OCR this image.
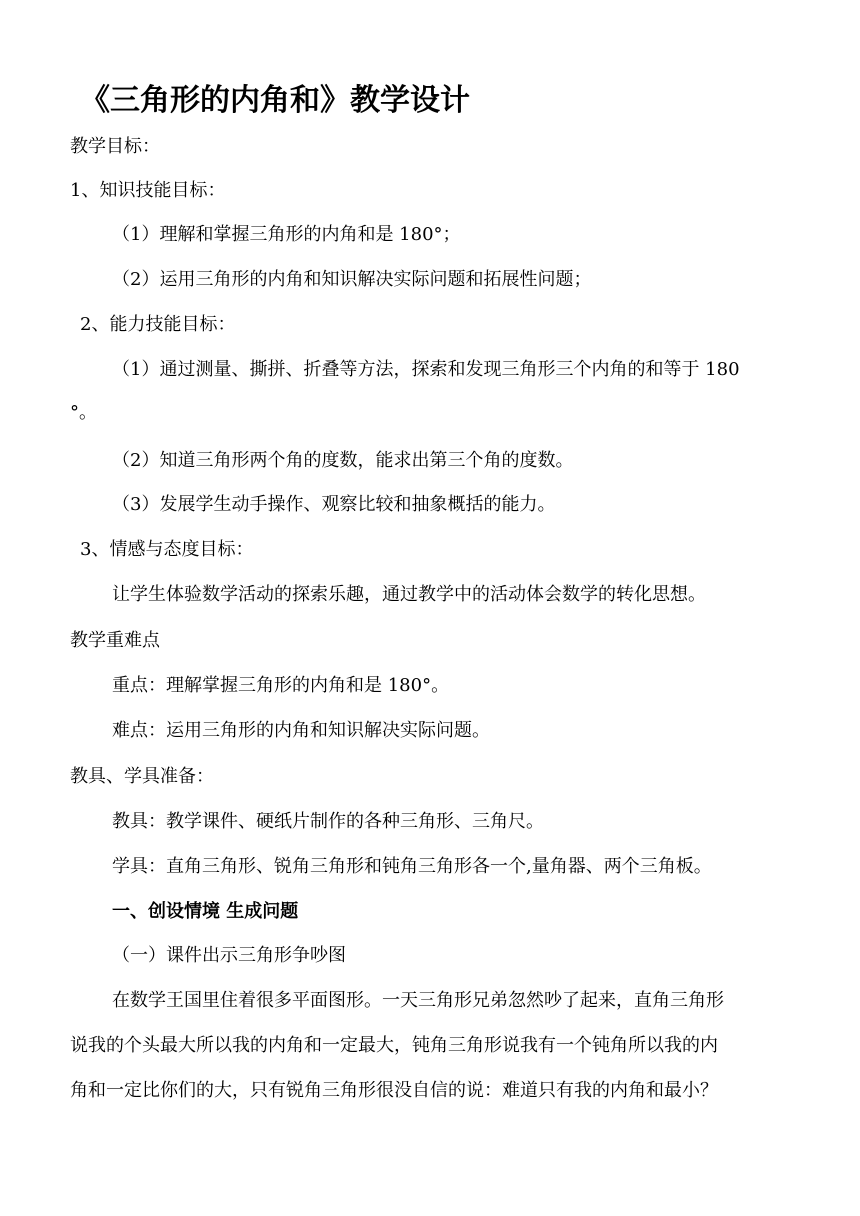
《三角形的内角和》教学设计

教学目标：

1、知识技能目标：

（1）理解和掌握三角形的内角和是 180°；

（2）运用三角形的内角和知识解决实际问题和拓展性问题；

2、能力技能目标：

（1）通过测量、撕拼、折叠等方法，探索和发现三角形三个内角的和等于 180

°。

（2）知道三角形两个角的度数，能求出第三个角的度数。

（3）发展学生动手操作、观察比较和抽象概括的能力。

3、情感与态度目标：

让学生体验数学活动的探索乐趣，通过教学中的活动体会数学的转化思想。

教学重难点

重点：理解掌握三角形的内角和是 180°。

难点：运用三角形的内角和知识解决实际问题。

教具、学具准备：

教具：教学课件、硬纸片制作的各种三角形、三角尺。

学具：直角三角形、锐角三角形和钝角三角形各一个,量角器、两个三角板。

一、创设情境 生成问题

（一）课件出示三角形争吵图

在数学王国里住着很多平面图形。一天三角形兄弟忽然吵了起来，直角三角形

说我的个头最大所以我的内角和一定最大，钝角三角形说我有一个钝角所以我的内

角和一定比你们的大，只有锐角三角形很没自信的说：难道只有我的内角和最小？
